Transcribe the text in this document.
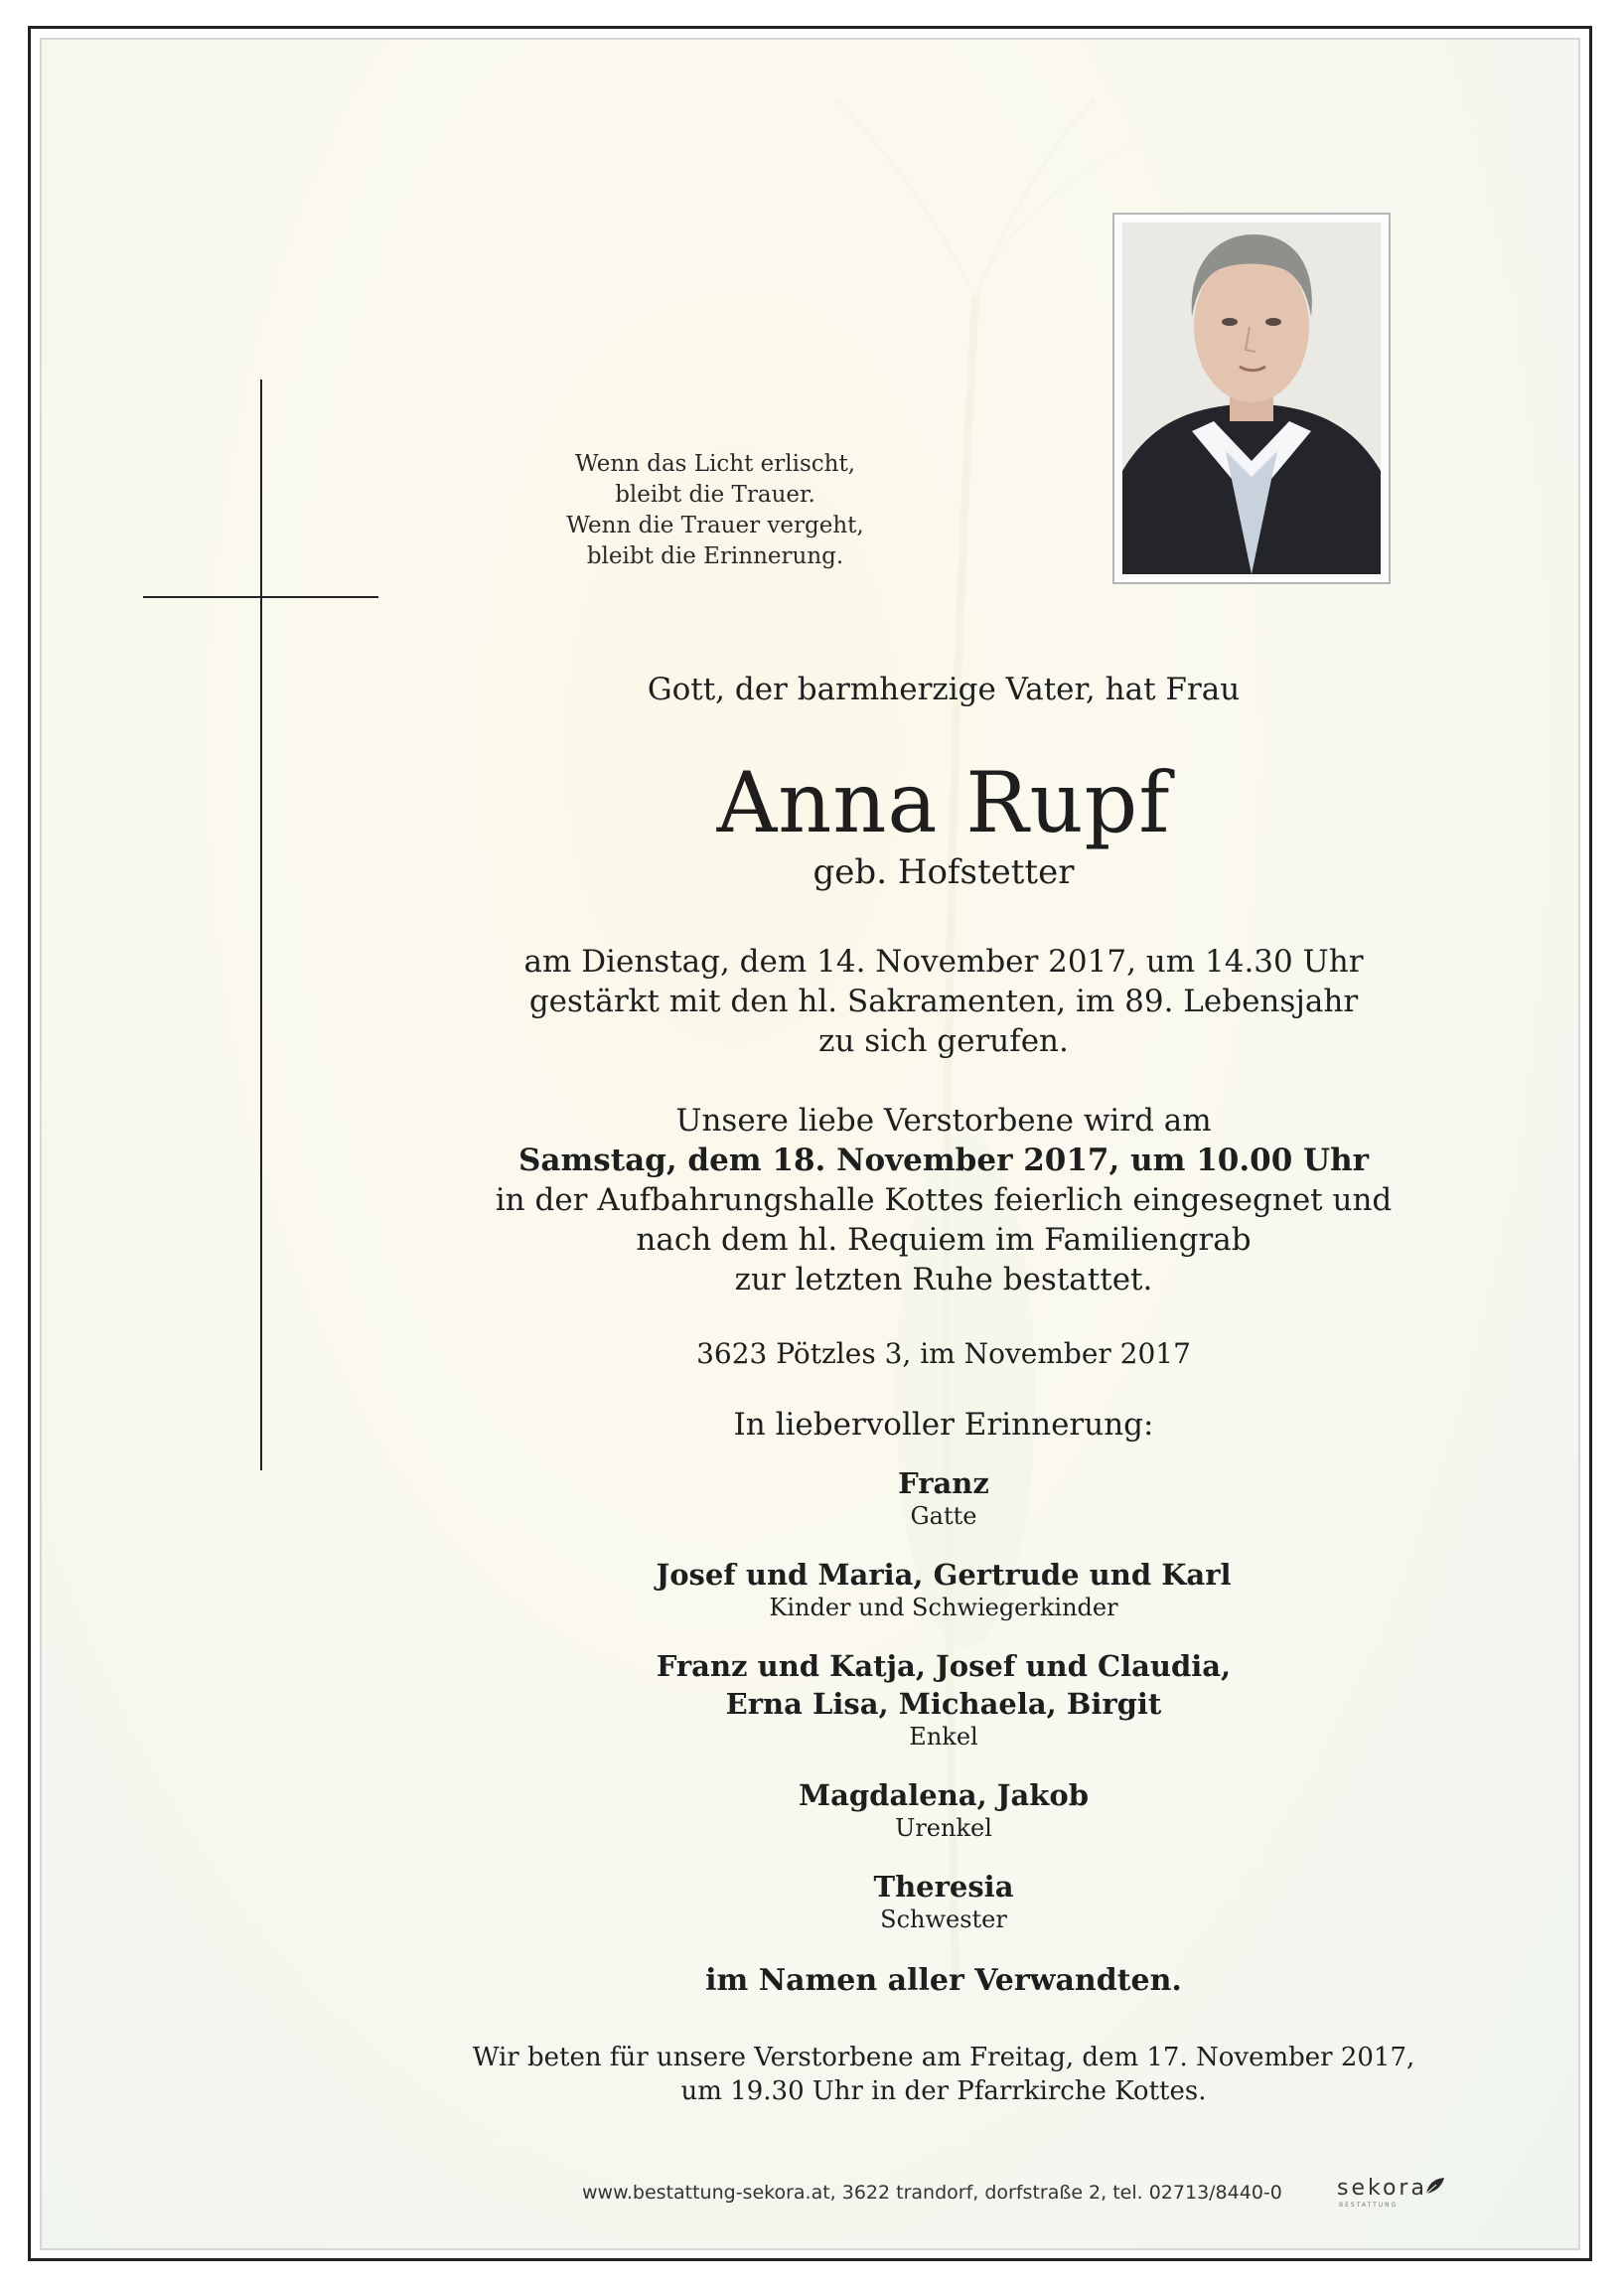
Wenn das Licht erlischt,
bleibt die Trauer.
Wenn die Trauer vergeht,
bleibt die Erinnerung.
Gott, der barmherzige Vater, hat Frau
Anna Rupf
geb. Hofstetter
am Dienstag, dem 14. November 2017, um 14.30 Uhr
gestärkt mit den hl. Sakramenten, im 89. Lebensjahr
zu sich gerufen.
Unsere liebe Verstorbene wird am
Samstag, dem 18. November 2017, um 10.00 Uhr
in der Aufbahrungshalle Kottes feierlich eingesegnet und
nach dem hl. Requiem im Familiengrab
zur letzten Ruhe bestattet.
3623 Pötzles 3, im November 2017
In liebervoller Erinnerung:
Franz
Gatte
Josef und Maria, Gertrude und Karl
Kinder und Schwiegerkinder
Franz und Katja, Josef und Claudia,
Erna Lisa, Michaela, Birgit
Enkel
Magdalena, Jakob
Urenkel
Theresia
Schwester
im Namen aller Verwandten.
Wir beten für unsere Verstorbene am Freitag, dem 17. November 2017,
um 19.30 Uhr in der Pfarrkirche Kottes.
www.bestattung-sekora.at, 3622 trandorf, dorfstraße 2, tel. 02713/8440-0	sekora
BESTATTUNG
